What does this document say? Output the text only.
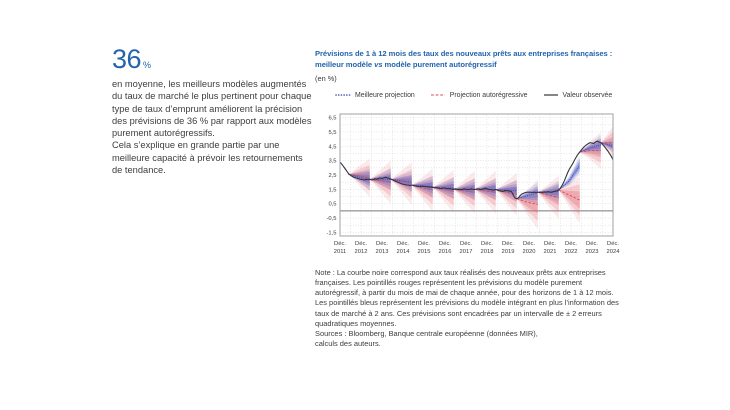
36 %

en moyenne, les meilleurs modèles augmentés du taux de marché le plus pertinent pour chaque type de taux d’emprunt améliorent la précision des prévisions de 36 % par rapport aux modèles purement autorégressifs.

Cela s’explique en grande partie par une meilleure capacité à prévoir les retournements de tendance.

Prévisions de 1 à 12 mois des taux des nouveaux prêts aux entreprises françaises :
meilleur modèle vs modèle purement autorégressif
(en %)
Meilleure projection	Projection autorégressive	Valeur observée
6,5
5,5
4,5
3,5
2,5
1,5
0,5
-0,5
-1,5
Déc.
2011
Déc.
2012
Déc.
2013
Déc.
2014
Déc.
2015
Déc.
2016
Déc.
2017
Déc.
2018
Déc.
2019
Déc.
2020
Déc.
2021
Déc.
2022
Déc.
2023
Déc.
2024

Note : La courbe noire correspond aux taux réalisés des nouveaux prêts aux entreprises françaises. Les pointillés rouges représentent les prévisions du modèle purement autorégressif, à partir du mois de mai de chaque année, pour des horizons de 1 à 12 mois. Les pointillés bleus représentent les prévisions du modèle intégrant en plus l’information des taux de marché à 2 ans. Ces prévisions sont encadrées par un intervalle de ± 2 erreurs quadratiques moyennes.

Sources : Bloomberg, Banque centrale européenne (données MIR),

calculs des auteurs.
